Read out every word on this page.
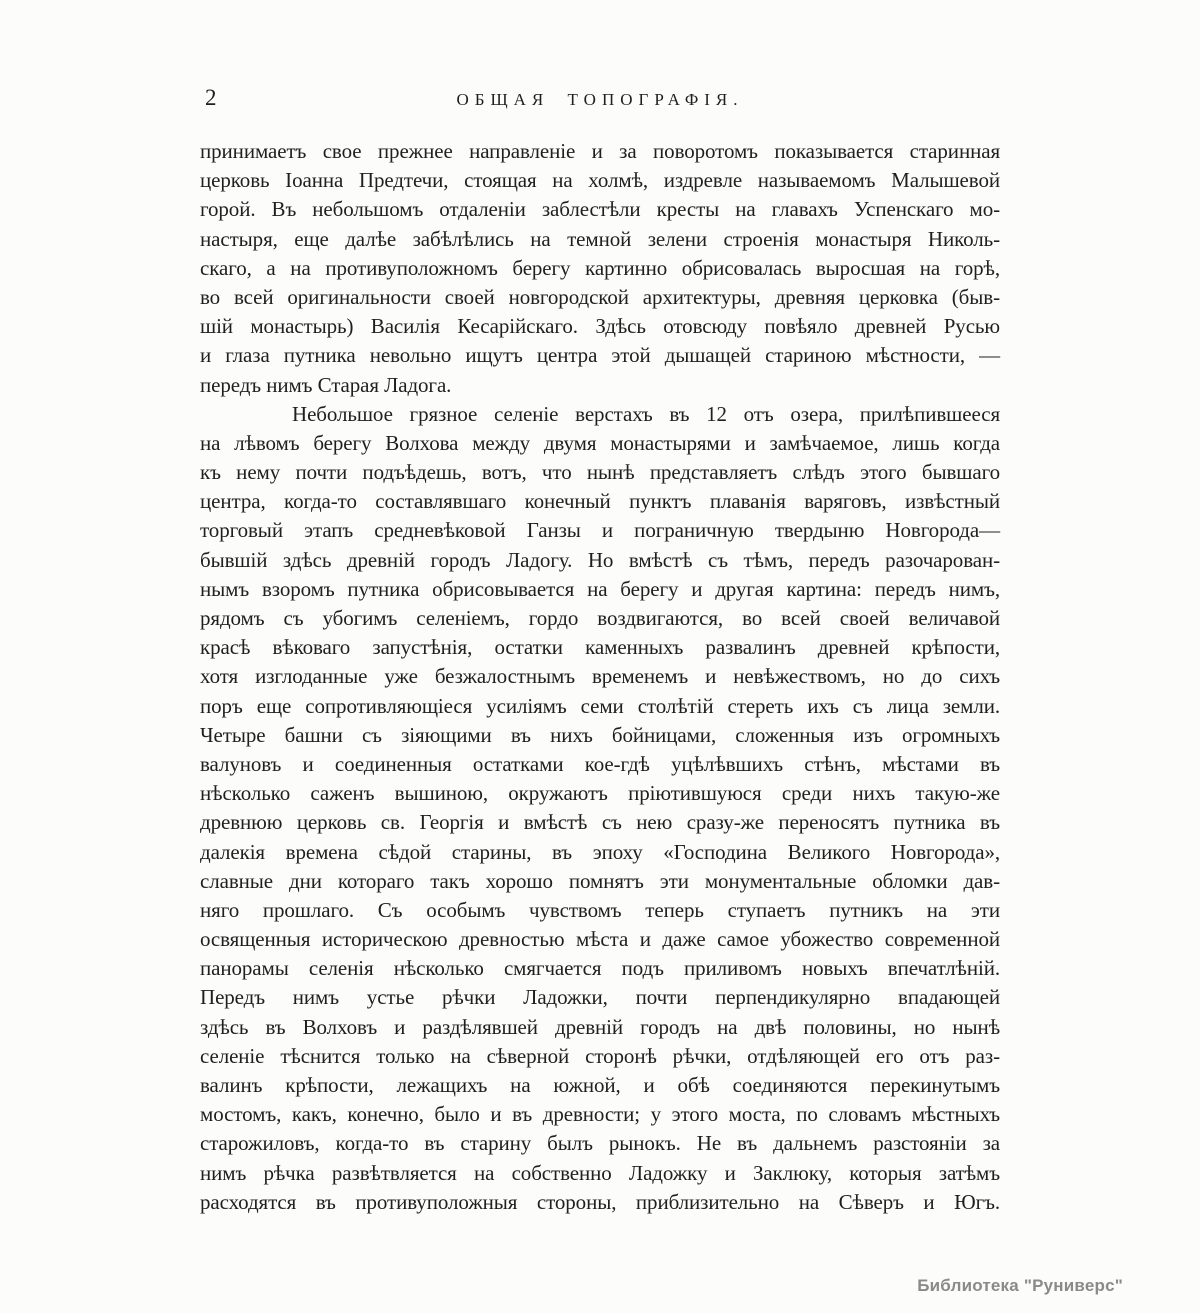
2	ОБЩАЯ ТОПОГРАФІЯ.
принимаетъ свое прежнее направленіе и за поворотомъ показывается старинная
церковь Іоанна Предтечи, стоящая на холмѣ, издревле называемомъ Малышевой
горой. Въ небольшомъ отдаленіи заблестѣли кресты на главахъ Успенскаго мо-
настыря, еще далѣе забѣлѣлись на темной зелени строенія монастыря Николь-
скаго, а на противуположномъ берегу картинно обрисовалась выросшая на горѣ,
во всей оригинальности своей новгородской архитектуры, древняя церковка (быв-
шій монастырь) Василія Кесарійскаго. Здѣсь отовсюду повѣяло древней Русью
и глаза путника невольно ищутъ центра этой дышащей стариною мѣстности, —
передъ нимъ Старая Ладога.
Небольшое грязное селеніе верстахъ въ 12 отъ озера, прилѣпившееся
на лѣвомъ берегу Волхова между двумя монастырями и замѣчаемое, лишь когда
къ нему почти подъѣдешь, вотъ, что нынѣ представляетъ слѣдъ этого бывшаго
центра, когда-то составлявшаго конечный пунктъ плаванія варяговъ, извѣстный
торговый этапъ средневѣковой Ганзы и пограничную твердыню Новгорода—
бывшій здѣсь древній городъ Ладогу. Но вмѣстѣ съ тѣмъ, передъ разочарован-
нымъ взоромъ путника обрисовывается на берегу и другая картина: передъ нимъ,
рядомъ съ убогимъ селеніемъ, гордо воздвигаются, во всей своей величавой
красѣ вѣковаго запустѣнія, остатки каменныхъ развалинъ древней крѣпости,
хотя изглоданные уже безжалостнымъ временемъ и невѣжествомъ, но до сихъ
поръ еще сопротивляющіеся усиліямъ семи столѣтій стереть ихъ съ лица земли.
Четыре башни съ зіяющими въ нихъ бойницами, сложенныя изъ огромныхъ
валуновъ и соединенныя остатками кое-гдѣ уцѣлѣвшихъ стѣнъ, мѣстами въ
нѣсколько саженъ вышиною, окружаютъ пріютившуюся среди нихъ такую-же
древнюю церковь св. Георгія и вмѣстѣ съ нею сразу-же переносятъ путника въ
далекія времена сѣдой старины, въ эпоху «Господина Великого Новгорода»,
славные дни котораго такъ хорошо помнятъ эти монументальные обломки дав-
няго прошлаго. Съ особымъ чувствомъ теперь ступаетъ путникъ на эти
освященныя историческою древностью мѣста и даже самое убожество современной
панорамы селенія нѣсколько смягчается подъ приливомъ новыхъ впечатлѣній.
Передъ нимъ устье рѣчки Ладожки, почти перпендикулярно впадающей
здѣсь въ Волховъ и раздѣлявшей древній городъ на двѣ половины, но нынѣ
селеніе тѣснится только на сѣверной сторонѣ рѣчки, отдѣляющей его отъ раз-
валинъ крѣпости, лежащихъ на южной, и обѣ соединяются перекинутымъ
мостомъ, какъ, конечно, было и въ древности; у этого моста, по словамъ мѣстныхъ
старожиловъ, когда-то въ старину былъ рынокъ. Не въ дальнемъ разстояніи за
нимъ рѣчка развѣтвляется на собственно Ладожку и Заклюку, которыя затѣмъ
расходятся въ противуположныя стороны, приблизительно на Сѣверъ и Югъ.
Библиотека "Руниверс"
